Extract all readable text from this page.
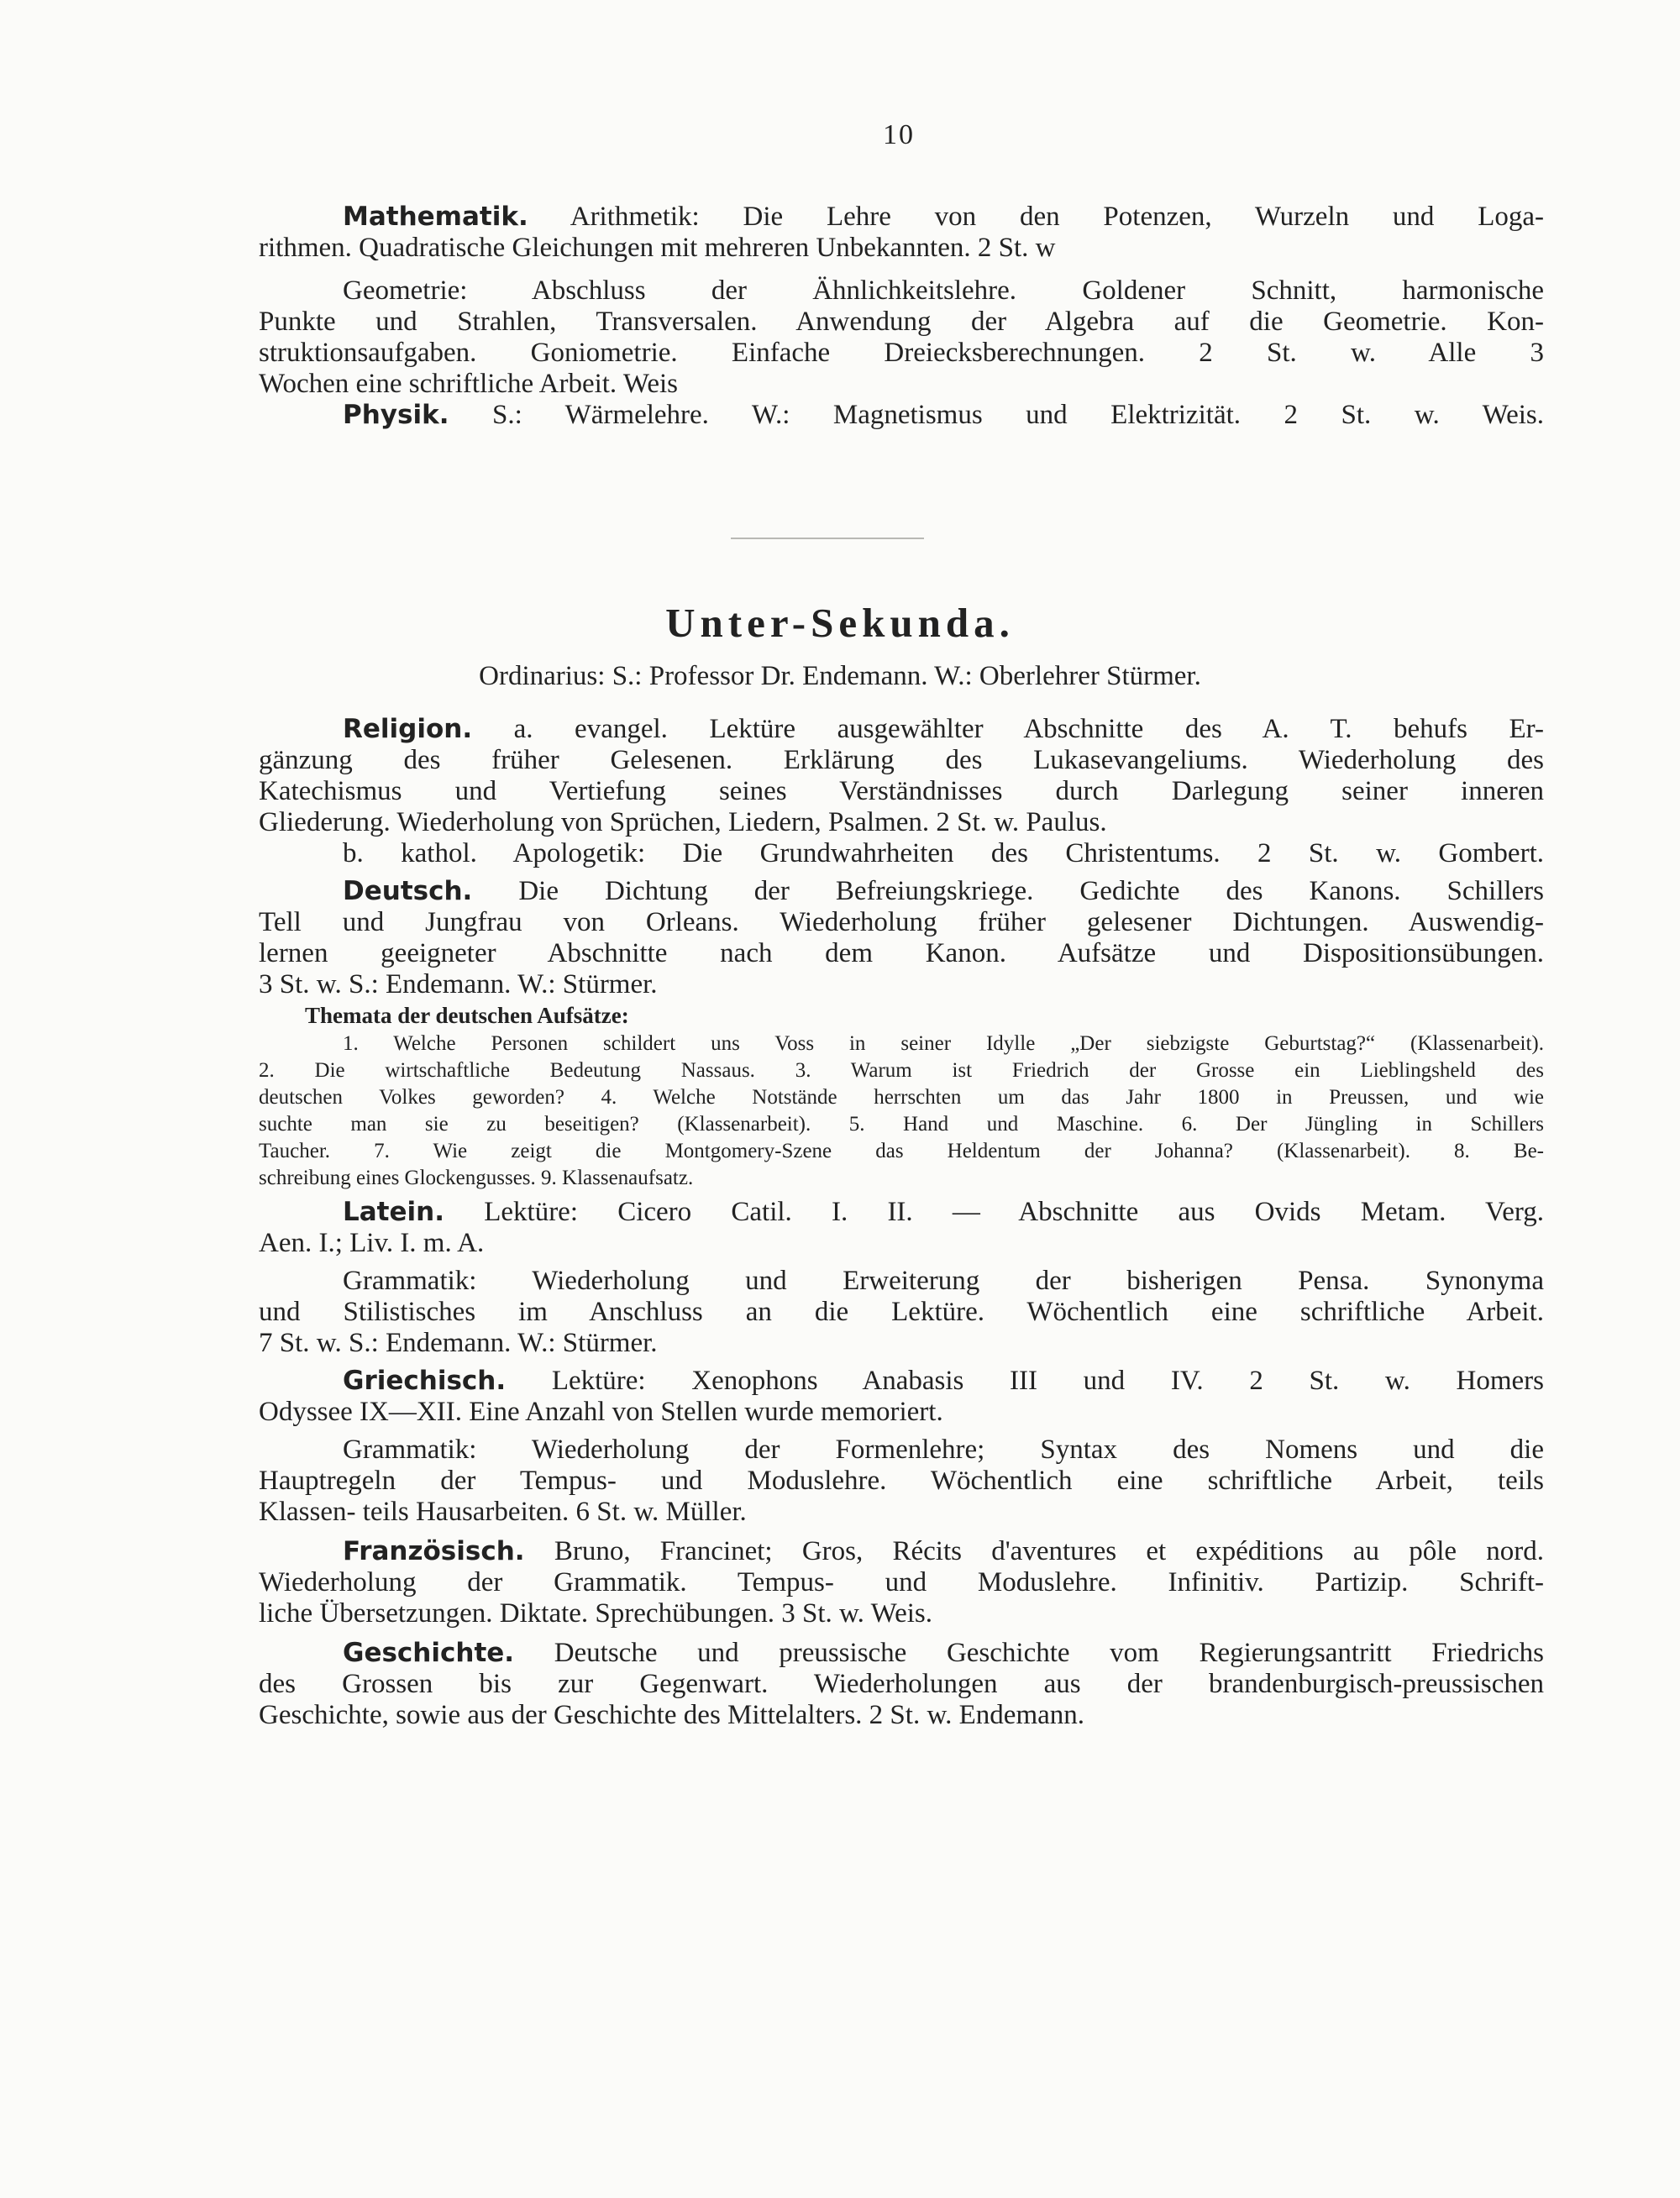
10
Mathematik. Arithmetik: Die Lehre von den Potenzen, Wurzeln und Loga-
rithmen. Quadratische Gleichungen mit mehreren Unbekannten. 2 St. w
Geometrie: Abschluss der Ähnlichkeitslehre. Goldener Schnitt, harmonische
Punkte und Strahlen, Transversalen. Anwendung der Algebra auf die Geometrie. Kon-
struktionsaufgaben. Goniometrie. Einfache Dreiecksberechnungen. 2 St. w. Alle 3
Wochen eine schriftliche Arbeit. Weis
Physik. S.: Wärmelehre. W.: Magnetismus und Elektrizität. 2 St. w. Weis.
Unter-Sekunda.
Ordinarius: S.: Professor Dr. Endemann. W.: Oberlehrer Stürmer.
Religion. a. evangel. Lektüre ausgewählter Abschnitte des A. T. behufs Er-
gänzung des früher Gelesenen. Erklärung des Lukasevangeliums. Wiederholung des
Katechismus und Vertiefung seines Verständnisses durch Darlegung seiner inneren
Gliederung. Wiederholung von Sprüchen, Liedern, Psalmen. 2 St. w. Paulus.
b. kathol. Apologetik: Die Grundwahrheiten des Christentums. 2 St. w. Gombert.
Deutsch. Die Dichtung der Befreiungskriege. Gedichte des Kanons. Schillers
Tell und Jungfrau von Orleans. Wiederholung früher gelesener Dichtungen. Auswendig-
lernen geeigneter Abschnitte nach dem Kanon. Aufsätze und Dispositionsübungen.
3 St. w. S.: Endemann. W.: Stürmer.
Themata der deutschen Aufsätze:
1. Welche Personen schildert uns Voss in seiner Idylle „Der siebzigste Geburtstag?“ (Klassenarbeit).
2. Die wirtschaftliche Bedeutung Nassaus. 3. Warum ist Friedrich der Grosse ein Lieblingsheld des
deutschen Volkes geworden? 4. Welche Notstände herrschten um das Jahr 1800 in Preussen, und wie
suchte man sie zu beseitigen? (Klassenarbeit). 5. Hand und Maschine. 6. Der Jüngling in Schillers
Taucher. 7. Wie zeigt die Montgomery-Szene das Heldentum der Johanna? (Klassenarbeit). 8. Be-
schreibung eines Glockengusses. 9. Klassenaufsatz.
Latein. Lektüre: Cicero Catil. I. II. — Abschnitte aus Ovids Metam. Verg.
Aen. I.; Liv. I. m. A.
Grammatik: Wiederholung und Erweiterung der bisherigen Pensa. Synonyma
und Stilistisches im Anschluss an die Lektüre. Wöchentlich eine schriftliche Arbeit.
7 St. w. S.: Endemann. W.: Stürmer.
Griechisch. Lektüre: Xenophons Anabasis III und IV. 2 St. w. Homers
Odyssee IX—XII. Eine Anzahl von Stellen wurde memoriert.
Grammatik: Wiederholung der Formenlehre; Syntax des Nomens und die
Hauptregeln der Tempus- und Moduslehre. Wöchentlich eine schriftliche Arbeit, teils
Klassen- teils Hausarbeiten. 6 St. w. Müller.
Französisch. Bruno, Francinet; Gros, Récits d'aventures et expéditions au pôle nord.
Wiederholung der Grammatik. Tempus- und Moduslehre. Infinitiv. Partizip. Schrift-
liche Übersetzungen. Diktate. Sprechübungen. 3 St. w. Weis.
Geschichte. Deutsche und preussische Geschichte vom Regierungsantritt Friedrichs
des Grossen bis zur Gegenwart. Wiederholungen aus der brandenburgisch-preussischen
Geschichte, sowie aus der Geschichte des Mittelalters. 2 St. w. Endemann.
